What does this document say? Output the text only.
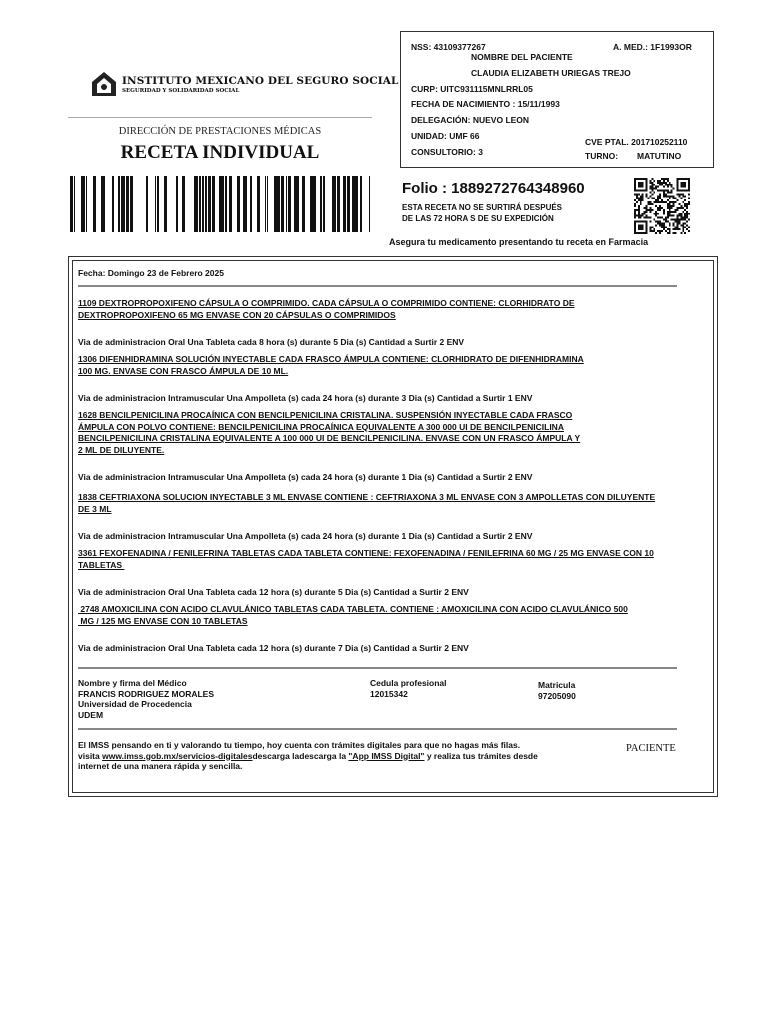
INSTITUTO MEXICANO DEL SEGURO SOCIAL
SEGURIDAD Y SOLIDARIDAD SOCIAL
DIRECCIÓN DE PRESTACIONES MÉDICAS
RECETA INDIVIDUAL
NSS: 43109377267	A. MED.: 1F1993OR
NOMBRE DEL PACIENTE
CLAUDIA ELIZABETH URIEGAS TREJO
CURP: UITC931115MNLRRL05
FECHA DE NACIMIENTO : 15/11/1993
DELEGACIÓN: NUEVO LEON
UNIDAD: UMF 66
CONSULTORIO: 3
CVE PTAL. 201710252110
TURNO: MATUTINO
Folio : 1889272764348960
ESTA RECETA NO SE SURTIRÁ DESPUÉS
DE LAS 72 HORA S DE SU EXPEDICIÓN
Asegura tu medicamento presentando tu receta en Farmacia
Fecha: Domingo 23 de Febrero 2025
1109 DEXTROPROPOXIFENO CÁPSULA O COMPRIMIDO. CADA CÁPSULA O COMPRIMIDO CONTIENE: CLORHIDRATO DE
DEXTROPROPOXIFENO 65 MG ENVASE CON 20 CÁPSULAS O COMPRIMIDOS
Via de administracion Oral Una Tableta cada 8 hora (s) durante 5 Dia (s) Cantidad a Surtir 2 ENV
1306 DIFENHIDRAMINA SOLUCIÓN INYECTABLE CADA FRASCO ÁMPULA CONTIENE: CLORHIDRATO DE DIFENHIDRAMINA
100 MG. ENVASE CON FRASCO ÁMPULA DE 10 ML.
Via de administracion Intramuscular Una Ampolleta (s) cada 24 hora (s) durante 3 Dia (s) Cantidad a Surtir 1 ENV
1628 BENCILPENICILINA PROCAÍNICA CON BENCILPENICILINA CRISTALINA. SUSPENSIÓN INYECTABLE CADA FRASCO
ÁMPULA CON POLVO CONTIENE: BENCILPENICILINA PROCAÍNICA EQUIVALENTE A 300 000 UI DE BENCILPENICILINA
BENCILPENICILINA CRISTALINA EQUIVALENTE A 100 000 UI DE BENCILPENICILINA. ENVASE CON UN FRASCO ÁMPULA Y
2 ML DE DILUYENTE.
Via de administracion Intramuscular Una Ampolleta (s) cada 24 hora (s) durante 1 Dia (s) Cantidad a Surtir 2 ENV
1838 CEFTRIAXONA SOLUCION INYECTABLE 3 ML ENVASE CONTIENE : CEFTRIAXONA 3 ML ENVASE CON 3 AMPOLLETAS CON DILUYENTE
DE 3 ML
Via de administracion Intramuscular Una Ampolleta (s) cada 24 hora (s) durante 1 Dia (s) Cantidad a Surtir 2 ENV
3361 FEXOFENADINA / FENILEFRINA TABLETAS CADA TABLETA CONTIENE: FEXOFENADINA / FENILEFRINA 60 MG / 25 MG ENVASE CON 10
TABLETAS
Via de administracion Oral Una Tableta cada 12 hora (s) durante 5 Dia (s) Cantidad a Surtir 2 ENV
2748 AMOXICILINA CON ACIDO CLAVULÁNICO TABLETAS CADA TABLETA. CONTIENE : AMOXICILINA CON ACIDO CLAVULÁNICO 500
MG / 125 MG ENVASE CON 10 TABLETAS
Via de administracion Oral Una Tableta cada 12 hora (s) durante 7 Dia (s) Cantidad a Surtir 2 ENV
Nombre y firma del Médico
FRANCIS RODRIGUEZ MORALES
Universidad de Procedencia
UDEM
Cedula profesional
12015342
Matricula
97205090
El IMSS pensando en ti y valorando tu tiempo, hoy cuenta con trámites digitales para que no hagas más filas.
visita www.imss.gob.mx/servicios-digitalesdescarga ladescarga la "App IMSS Digital" y realiza tus trámites desde
internet de una manera rápida y sencilla.
PACIENTE
